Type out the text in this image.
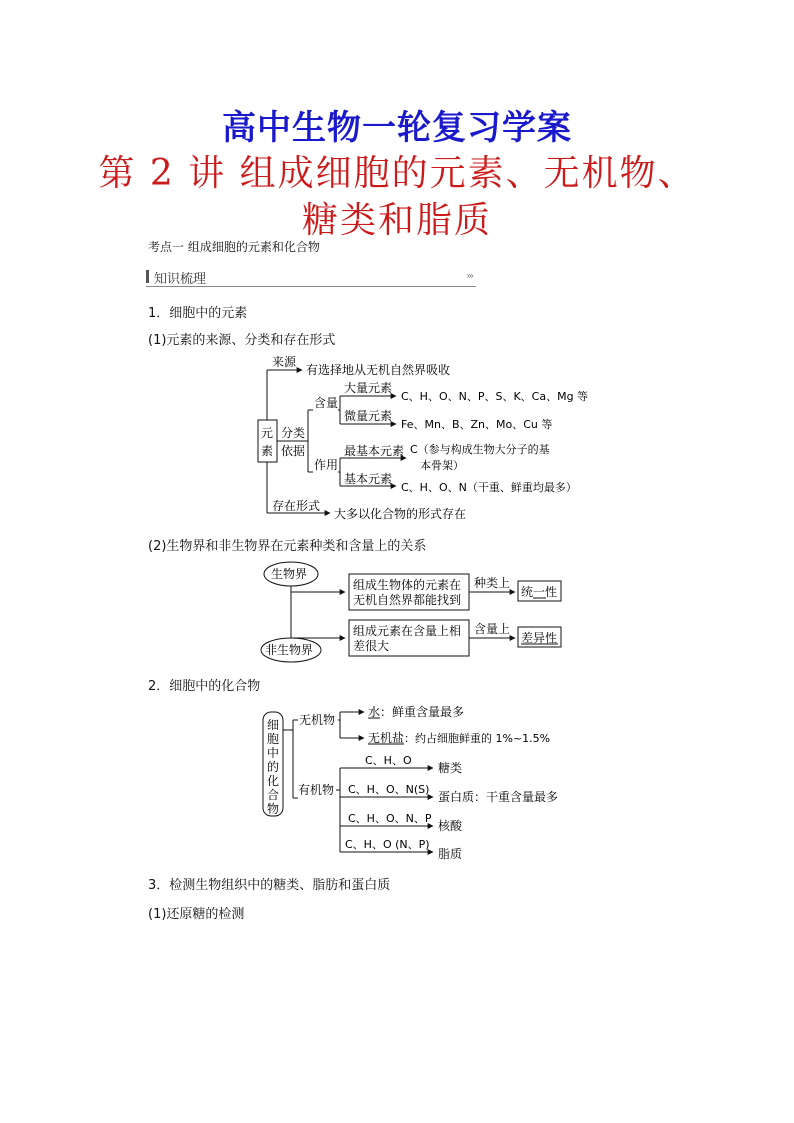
高中生物一轮复习学案
第 2 讲 组成细胞的元素、无机物、
糖类和脂质
考点一 组成细胞的元素和化合物
知识梳理	›››
1．细胞中的元素
(1)元素的来源、分类和存在形式
元
素
来源
有选择地从无机自然界吸收
分类
依据
含量
大量元素
C、H、O、N、P、S、K、Ca、Mg 等
微量元素
Fe、Mn、B、Zn、Mo、Cu 等
作用
最基本元素 C（参与构成生物大分子的基
本骨架）
基本元素
C、H、O、N（干重、鲜重均最多）
存在形式
大多以化合物的形式存在
(2)生物界和非生物界在元素种类和含量上的关系
生物界
非生物界
组成生物体的元素在
无机自然界都能找到
组成元素在含量上相
差很大
种类上
含量上
统一性
差异性
2．细胞中的化合物
细
胞
中
的
化
合
物
无机物
水 ：鲜重含量最多
无机盐 ：约占细胞鲜重的 1%~1.5%
有机物
C、H、O
糖类
C、H、O、N(S)
蛋白质：干重含量最多
C、H、O、N、P
核酸
C、H、O (N、P)
脂质
3．检测生物组织中的糖类、脂肪和蛋白质
(1)还原糖的检测
